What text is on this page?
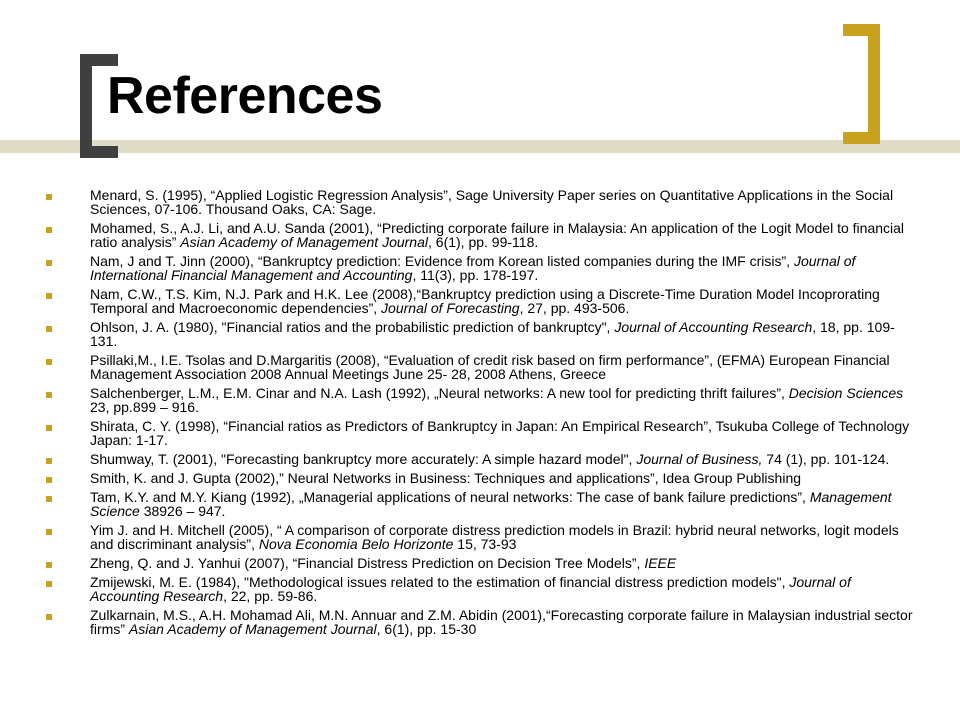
References
Menard, S. (1995), “Applied Logistic Regression Analysis”, Sage University Paper series on Quantitative Applications in the Social Sciences, 07-106. Thousand Oaks, CA: Sage.
Mohamed, S., A.J. Li, and A.U. Sanda (2001), “Predicting corporate failure in Malaysia: An application of the Logit Model to financial ratio analysis” Asian Academy of Management Journal, 6(1), pp. 99-118.
Nam, J and T. Jinn (2000), “Bankruptcy prediction: Evidence from Korean listed companies during the IMF crisis”, Journal of International Financial Management and Accounting, 11(3), pp. 178-197.
Nam, C.W., T.S. Kim, N.J. Park and H.K. Lee (2008),“Bankruptcy prediction using a Discrete-Time Duration Model Incoprorating Temporal and Macroeconomic dependencies”, Journal of Forecasting, 27, pp. 493-506.
Ohlson, J. A. (1980), "Financial ratios and the probabilistic prediction of bankruptcy", Journal of Accounting Research, 18, pp. 109-131.
Psillaki,M., I.E. Tsolas and D.Margaritis (2008), “Evaluation of credit risk based on firm performance”, (EFMA) European Financial Management Association 2008 Annual Meetings June 25- 28, 2008 Athens, Greece
Salchenberger, L.M., E.M. Cinar and N.A. Lash (1992), „Neural networks: A new tool for predicting thrift failures”, Decision Sciences 23, pp.899 – 916.
Shirata, C. Y. (1998), “Financial ratios as Predictors of Bankruptcy in Japan: An Empirical Research”, Tsukuba College of Technology Japan: 1-17.
Shumway, T. (2001), "Forecasting bankruptcy more accurately: A simple hazard model", Journal of Business, 74 (1), pp. 101-124.
Smith, K. and J. Gupta (2002),” Neural Networks in Business: Techniques and applications”, Idea Group Publishing
Tam, K.Y. and M.Y. Kiang (1992), „Managerial applications of neural networks: The case of bank failure predictions”, Management Science 38926 – 947.
Yim J. and H. Mitchell (2005), “ A comparison of corporate distress prediction models in Brazil: hybrid neural networks, logit models and discriminant analysis”, Nova Economia Belo Horizonte 15, 73-93
Zheng, Q. and J. Yanhui (2007), “Financial Distress Prediction on Decision Tree Models”, IEEE
Zmijewski, M. E. (1984), "Methodological issues related to the estimation of financial distress prediction models", Journal of Accounting Research, 22, pp. 59-86.
Zulkarnain, M.S., A.H. Mohamad Ali, M.N. Annuar and Z.M. Abidin (2001),“Forecasting corporate failure in Malaysian industrial sector firms” Asian Academy of Management Journal, 6(1), pp. 15-30
